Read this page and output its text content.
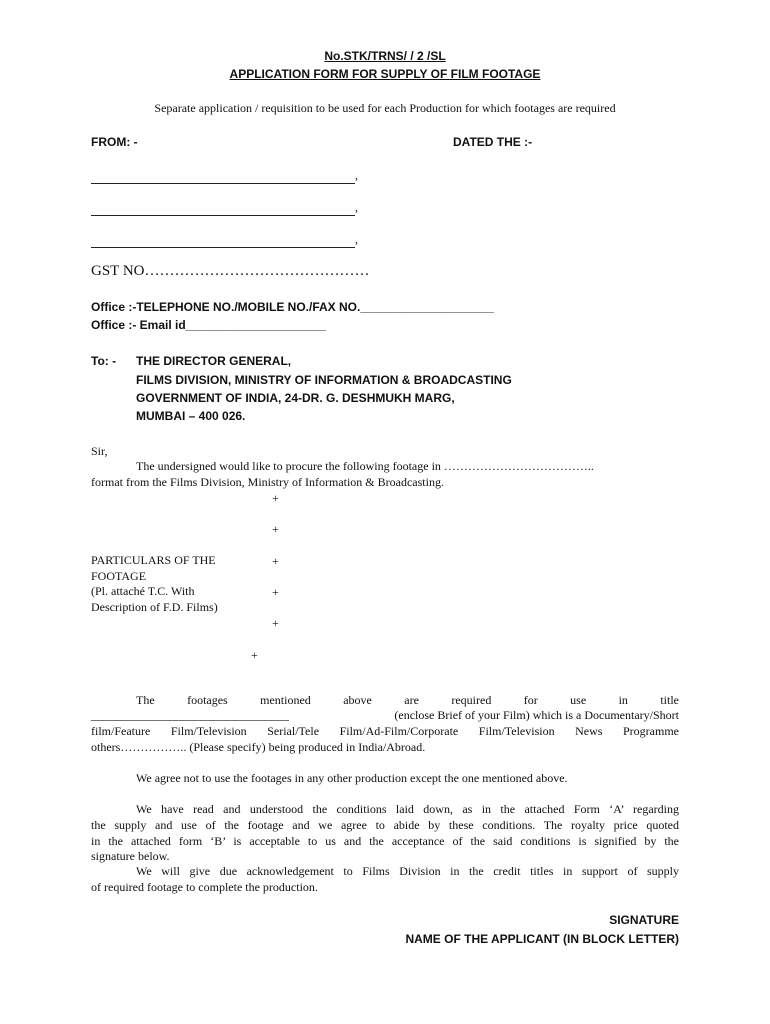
No.STK/TRNS/ / 2 /SL
APPLICATION FORM FOR SUPPLY OF FILM FOOTAGE
Separate application / requisition to be used for each Production for which footages are required
FROM: -	DATED THE :-
,
,
,
GST NO………………………………………
Office :-TELEPHONE NO./MOBILE NO./FAX NO.____________________
Office :- Email id_____________________
To: - THE DIRECTOR GENERAL,
FILMS DIVISION, MINISTRY OF INFORMATION & BROADCASTING
GOVERNMENT OF INDIA, 24-DR. G. DESHMUKH MARG,
MUMBAI – 400 026.
Sir,
The undersigned would like to procure the following footage in ………………………………..
format from the Films Division, Ministry of Information & Broadcasting.
+
+
+
+
+
+
PARTICULARS OF THE
FOOTAGE
(Pl. attaché T.C. With
Description of F.D. Films)
The footages mentioned above are required for use in title
_________________________________	(enclose Brief of your Film) which is a Documentary/Short
film/Feature Film/Television Serial/Tele Film/Ad-Film/Corporate Film/Television News Programme
others…………….. (Please specify) being produced in India/Abroad.
We agree not to use the footages in any other production except the one mentioned above.
We have read and understood the conditions laid down, as in the attached Form ‘A’ regarding
the supply and use of the footage and we agree to abide by these conditions. The royalty price quoted
in the attached form ‘B’ is acceptable to us and the acceptance of the said conditions is signified by the
signature below.
We will give due acknowledgement to Films Division in the credit titles in support of supply
of required footage to complete the production.
SIGNATURE
NAME OF THE APPLICANT (IN BLOCK LETTER)
